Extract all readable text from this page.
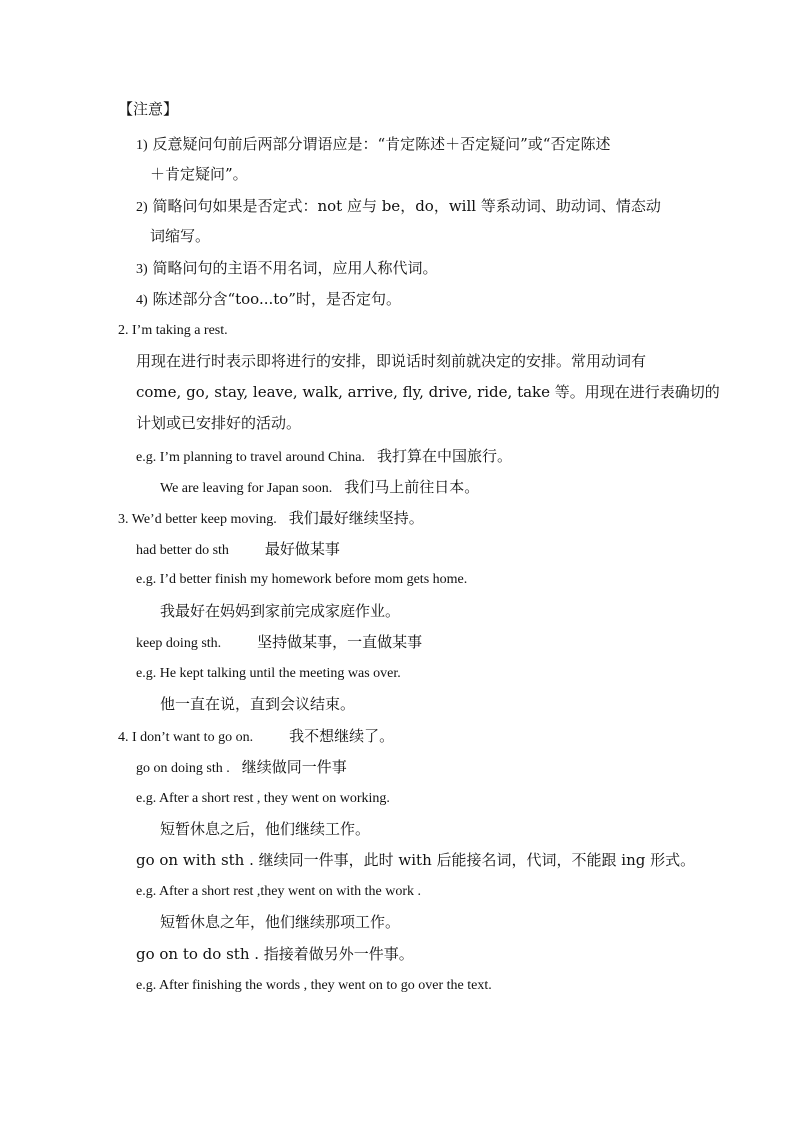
【注意】
1) 反意疑问句前后两部分谓语应是：“肯定陈述＋否定疑问”或“否定陈述
＋肯定疑问”。
2) 简略问句如果是否定式：not 应与 be，do，will 等系动词、助动词、情态动
词缩写。
3) 简略问句的主语不用名词，应用人称代词。
4) 陈述部分含“too...to”时，是否定句。
2. I’m taking a rest.
用现在进行时表示即将进行的安排，即说话时刻前就决定的安排。常用动词有
come, go, stay, leave, walk, arrive, fly, drive, ride, take 等。用现在进行表确切的
计划或已安排好的活动。
e.g. I’m planning to travel around China. 我打算在中国旅行。
We are leaving for Japan soon. 我们马上前往日本。
3. We’d better keep moving. 我们最好继续坚持。
had better do sth 最好做某事
e.g. I’d better finish my homework before mom gets home.
我最好在妈妈到家前完成家庭作业。
keep doing sth. 坚持做某事，一直做某事
e.g. He kept talking until the meeting was over.
他一直在说，直到会议结束。
4. I don’t want to go on. 我不想继续了。
go on doing sth . 继续做同一件事
e.g. After a short rest , they went on working.
短暂休息之后，他们继续工作。
go on with sth . 继续同一件事，此时 with 后能接名词，代词，不能跟 ing 形式。
e.g. After a short rest ,they went on with the work .
短暂休息之年，他们继续那项工作。
go on to do sth . 指接着做另外一件事。
e.g. After finishing the words , they went on to go over the text.
